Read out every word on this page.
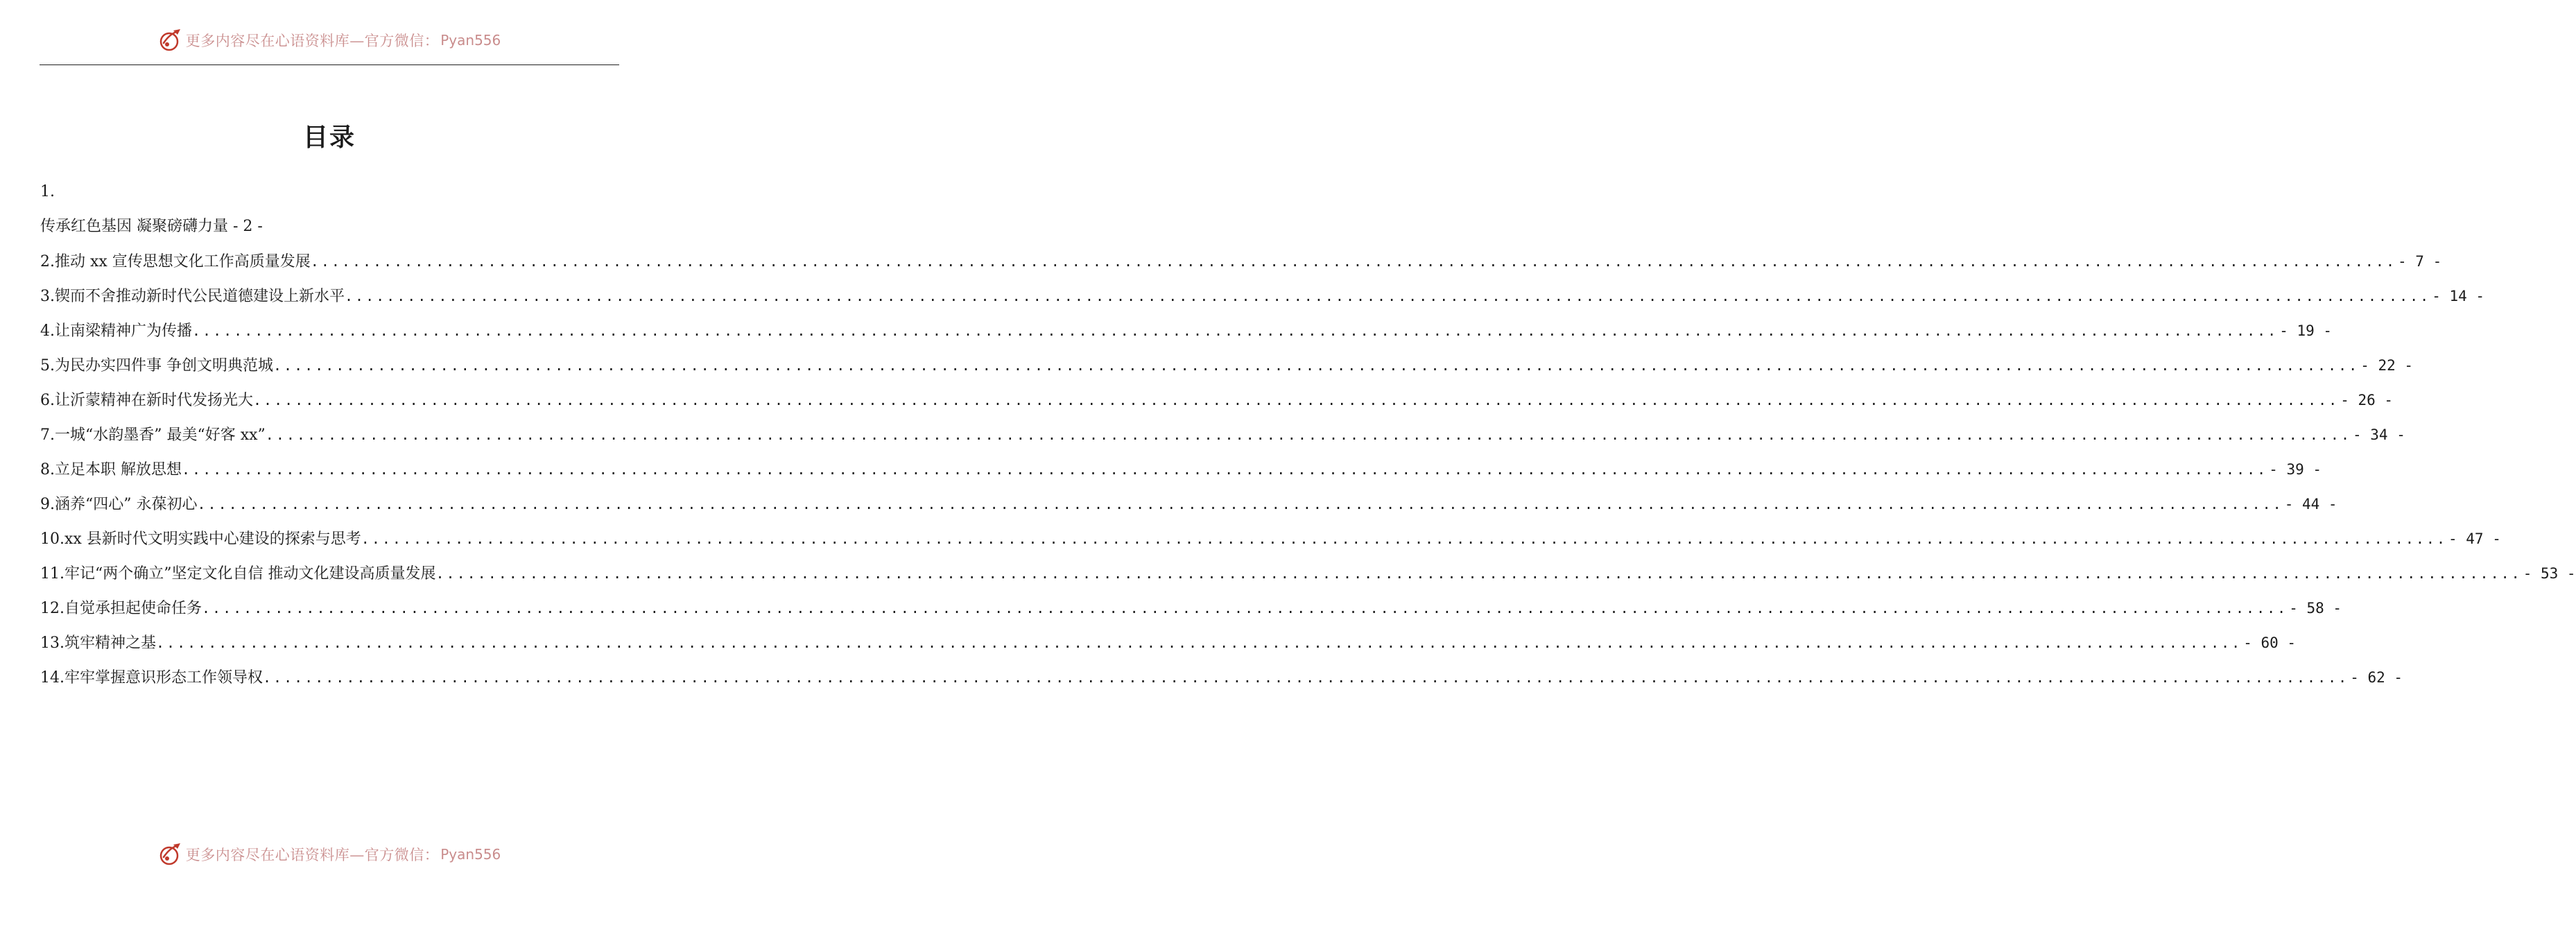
更多内容尽在心语资料库—官方微信： Pyan556
目录
1.
传承红色基因 凝聚磅礴力量 - 2 -
2.推动 xx 宣传思想文化工作高质量发展 ........................................................................................................................................................................................................ - 7 -
3.锲而不舍推动新时代公民道德建设上新水平 ........................................................................................................................................................................................................ - 14 -
4.让南梁精神广为传播 ........................................................................................................................................................................................................ - 19 -
5.为民办实四件事 争创文明典范城 ........................................................................................................................................................................................................ - 22 -
6.让沂蒙精神在新时代发扬光大 ........................................................................................................................................................................................................ - 26 -
7.一城“水韵墨香” 最美“好客 xx” ........................................................................................................................................................................................................ - 34 -
8.立足本职 解放思想 ........................................................................................................................................................................................................ - 39 -
9.涵养“四心” 永葆初心 ........................................................................................................................................................................................................ - 44 -
10.xx 县新时代文明实践中心建设的探索与思考 ........................................................................................................................................................................................................ - 47 -
11.牢记“两个确立”坚定文化自信 推动文化建设高质量发展 ........................................................................................................................................................................................................ - 53 -
12.自觉承担起使命任务 ........................................................................................................................................................................................................ - 58 -
13.筑牢精神之基 ........................................................................................................................................................................................................ - 60 -
14.牢牢掌握意识形态工作领导权 ........................................................................................................................................................................................................ - 62 -
更多内容尽在心语资料库—官方微信： Pyan556
